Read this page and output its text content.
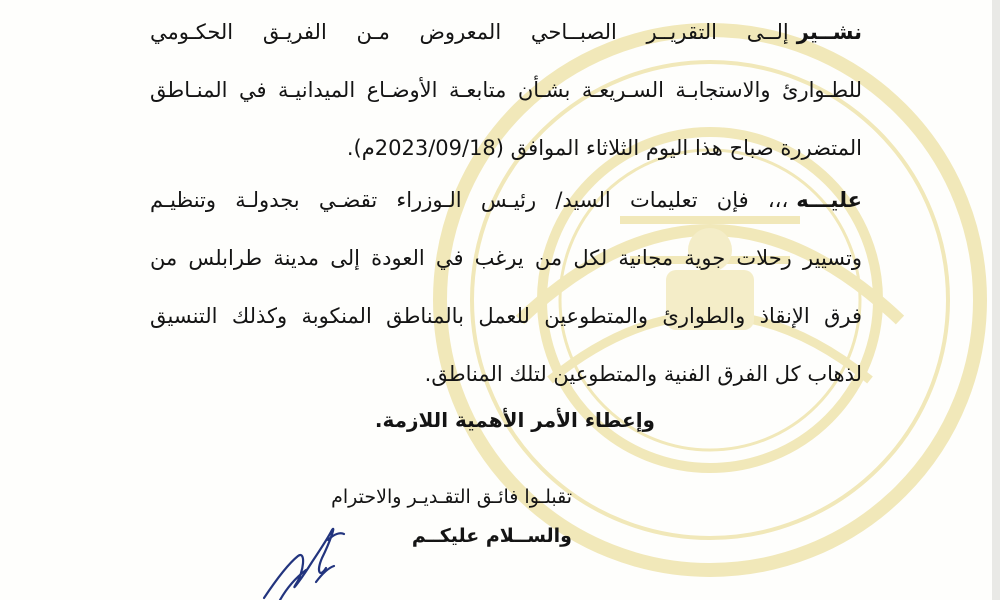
نشــيرإلــى التقريــر الصبــاحي المعروض مـن الفريـق الحكـومي
للطـوارئ والاستجابـة السـريعـة بشـأن متابعـة الأوضـاع الميدانيـة في المنـاطق
المتضررة صباح هذا اليوم الثلاثاء الموافق (2023/09/18م).
عليـــه،،، فإن تعليمات السيد/ رئيـس الـوزراء تقضـي بجدولـة وتنظيـم
وتسيير رحلات جوية مجانية لكل من يرغب في العودة إلى مدينة طرابلس من
فرق الإنقاذ والطوارئ والمتطوعين للعمل بالمناطق المنكوبة وكذلك التنسيق
لذهاب كل الفرق الفنية والمتطوعين لتلك المناطق.
وإعطاء الأمر الأهمية اللازمة.
تقبلـوا فائـق التقـديـر والاحترام
والســلام عليكــم
